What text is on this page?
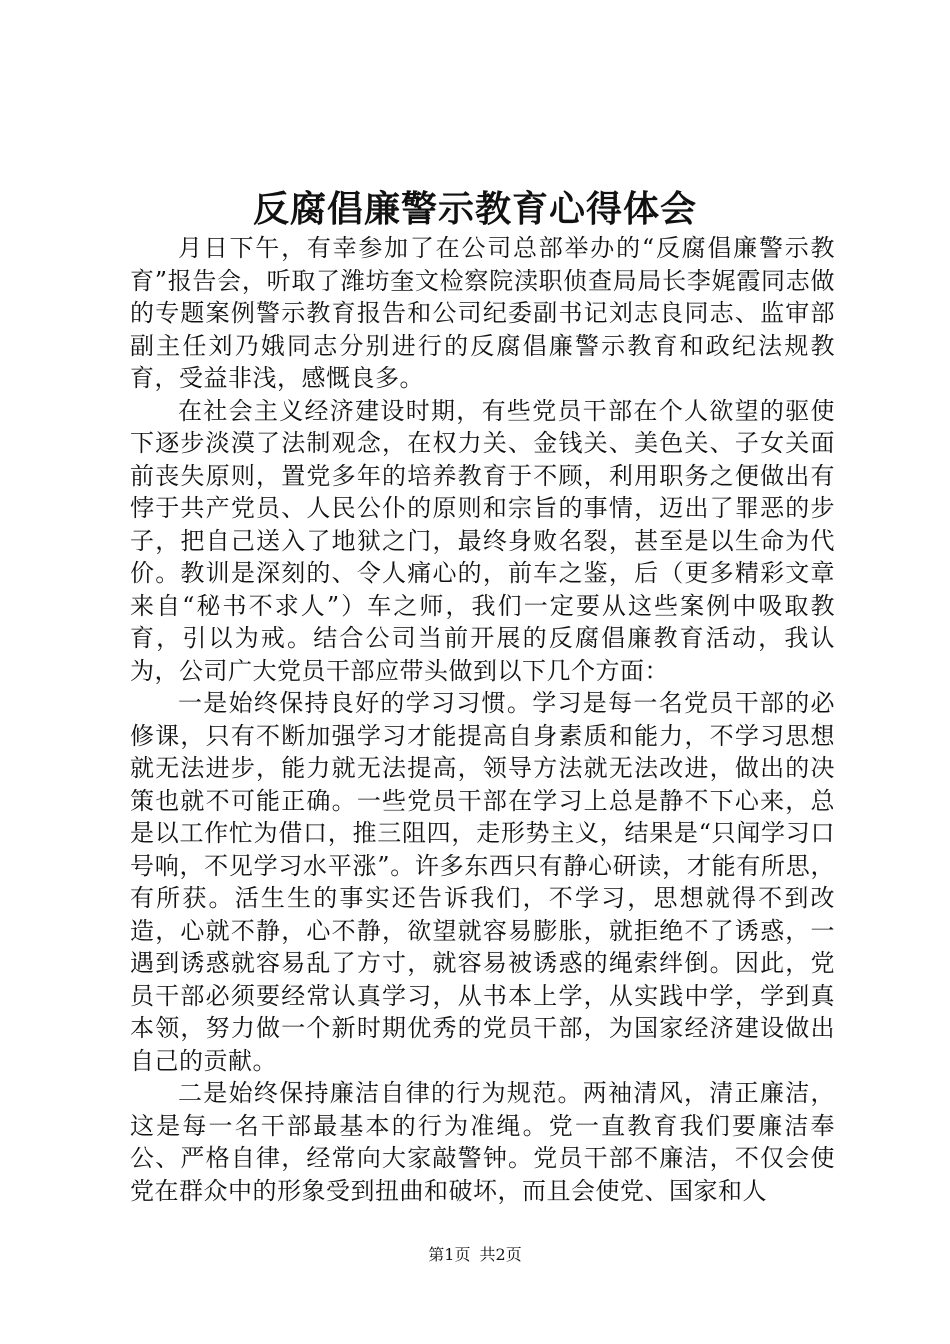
反腐倡廉警示教育心得体会

月日下午，有幸参加了在公司总部举办的“反腐倡廉警示教育”报告会，听取了潍坊奎文检察院渎职侦查局局长李娓霞同志做的专题案例警示教育报告和公司纪委副书记刘志良同志、监审部副主任刘乃娥同志分别进行的反腐倡廉警示教育和政纪法规教育，受益非浅，感慨良多。

在社会主义经济建设时期，有些党员干部在个人欲望的驱使下逐步淡漠了法制观念，在权力关、金钱关、美色关、子女关面前丧失原则，置党多年的培养教育于不顾，利用职务之便做出有悖于共产党员、人民公仆的原则和宗旨的事情，迈出了罪恶的步子，把自己送入了地狱之门，最终身败名裂，甚至是以生命为代价。教训是深刻的、令人痛心的，前车之鉴，后（更多精彩文章来自“秘书不求人”）车之师，我们一定要从这些案例中吸取教育，引以为戒。结合公司当前开展的反腐倡廉教育活动，我认为，公司广大党员干部应带头做到以下几个方面：

一是始终保持良好的学习习惯。学习是每一名党员干部的必修课，只有不断加强学习才能提高自身素质和能力，不学习思想就无法进步，能力就无法提高，领导方法就无法改进，做出的决策也就不可能正确。一些党员干部在学习上总是静不下心来，总是以工作忙为借口，推三阻四，走形势主义，结果是“只闻学习口号响，不见学习水平涨”。许多东西只有静心研读，才能有所思，有所获。活生生的事实还告诉我们，不学习，思想就得不到改造，心就不静，心不静，欲望就容易膨胀，就拒绝不了诱惑，一遇到诱惑就容易乱了方寸，就容易被诱惑的绳索绊倒。因此，党员干部必须要经常认真学习，从书本上学，从实践中学，学到真本领，努力做一个新时期优秀的党员干部，为国家经济建设做出自己的贡献。

二是始终保持廉洁自律的行为规范。两袖清风，清正廉洁，这是每一名干部最基本的行为准绳。党一直教育我们要廉洁奉公、严格自律，经常向大家敲警钟。党员干部不廉洁，不仅会使党在群众中的形象受到扭曲和破坏，而且会使党、国家和人

第1页 共2页
